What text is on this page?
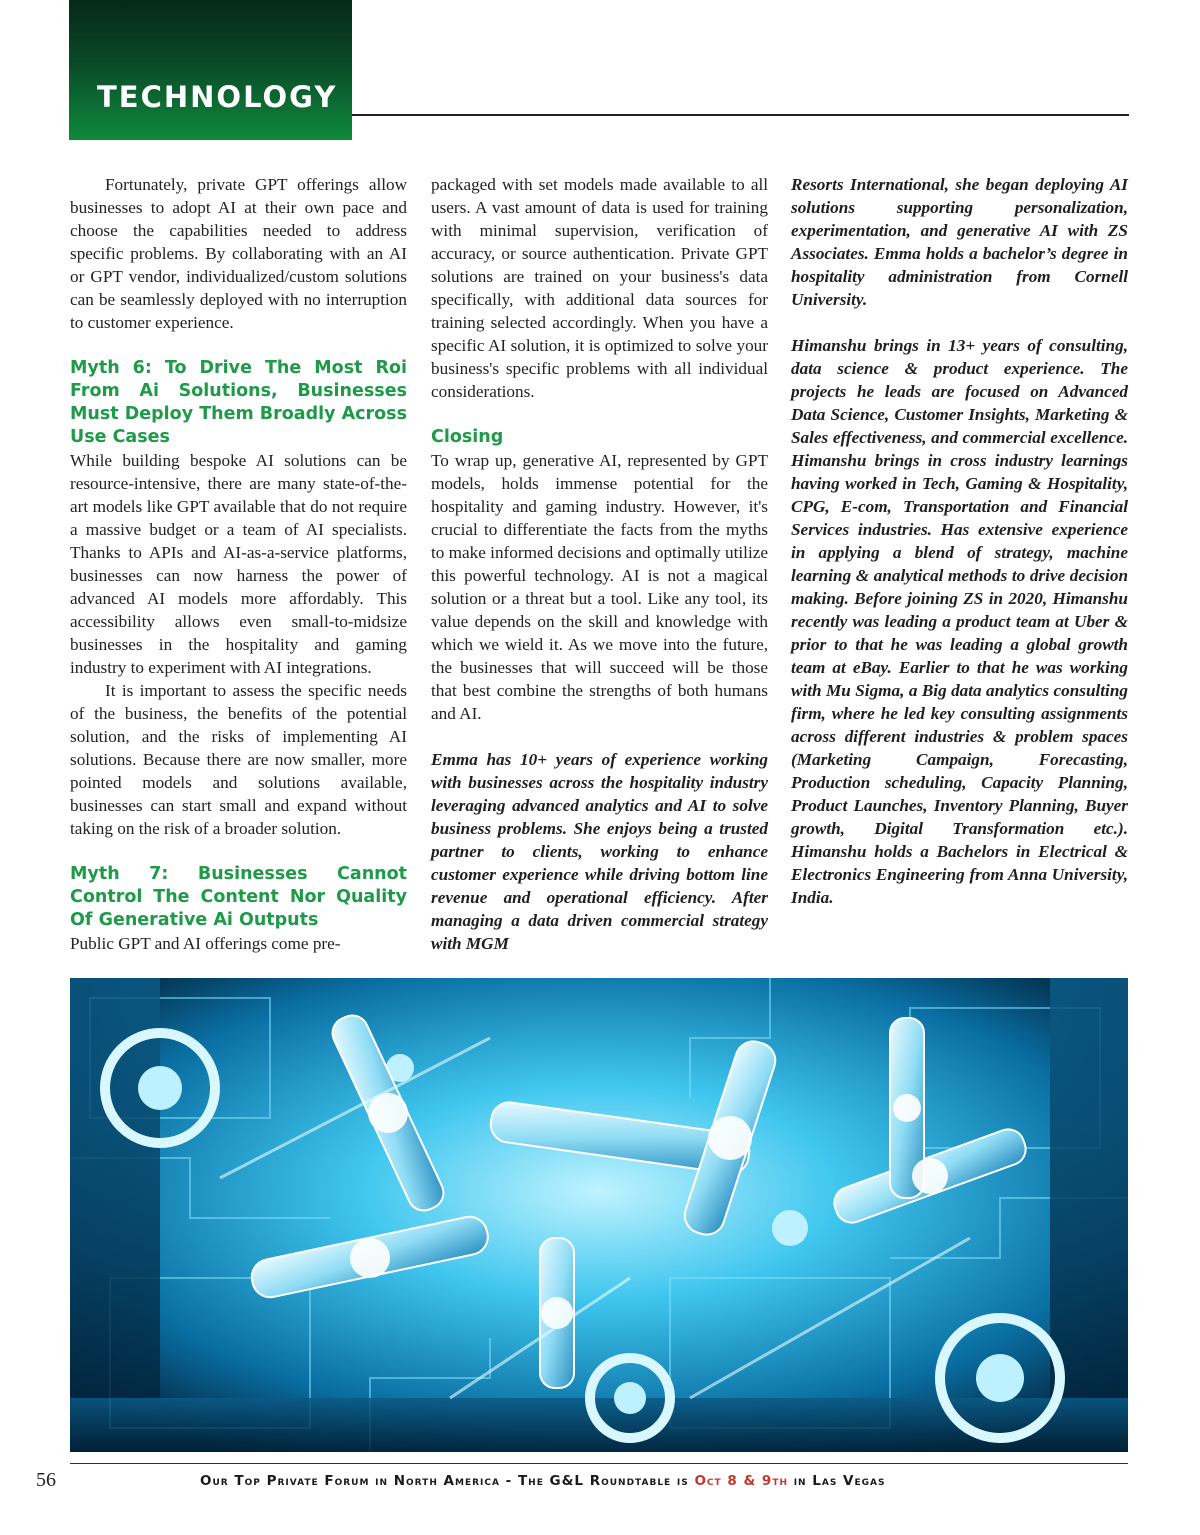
TECHNOLOGY

Fortunately, private GPT offerings allow businesses to adopt AI at their own pace and choose the capabilities needed to address specific problems. By collaborating with an AI or GPT vendor, individualized/custom solutions can be seamlessly deployed with no interruption to customer experience.

Myth 6: To Drive The Most Roi From Ai Solutions, Businesses Must Deploy Them Broadly Across Use Cases

While building bespoke AI solutions can be resource-intensive, there are many state-of-the-art models like GPT available that do not require a massive budget or a team of AI specialists. Thanks to APIs and AI-as-a-service platforms, businesses can now harness the power of advanced AI models more affordably. This accessibility allows even small-to-midsize businesses in the hospitality and gaming industry to experiment with AI integrations.

It is important to assess the specific needs of the business, the benefits of the potential solution, and the risks of implementing AI solutions. Because there are now smaller, more pointed models and solutions available, businesses can start small and expand without taking on the risk of a broader solution.

Myth 7: Businesses Cannot Control The Content Nor Quality Of Generative Ai Outputs

Public GPT and AI offerings come pre-

packaged with set models made available to all users. A vast amount of data is used for training with minimal supervision, verification of accuracy, or source authentication. Private GPT solutions are trained on your business's data specifically, with additional data sources for training selected accordingly. When you have a specific AI solution, it is optimized to solve your business's specific problems with all individual considerations.

Closing

To wrap up, generative AI, represented by GPT models, holds immense potential for the hospitality and gaming industry. However, it's crucial to differentiate the facts from the myths to make informed decisions and optimally utilize this powerful technology. AI is not a magical solution or a threat but a tool. Like any tool, its value depends on the skill and knowledge with which we wield it. As we move into the future, the businesses that will succeed will be those that best combine the strengths of both humans and AI.

Emma has 10+ years of experience working with businesses across the hospitality industry leveraging advanced analytics and AI to solve business problems. She enjoys being a trusted partner to clients, working to enhance customer experience while driving bottom line revenue and operational efficiency. After managing a data driven commercial strategy with MGM

Resorts International, she began deploying AI solutions supporting personalization, experimentation, and generative AI with ZS Associates. Emma holds a bachelor’s degree in hospitality administration from Cornell University.

Himanshu brings in 13+ years of consulting, data science & product experience. The projects he leads are focused on Advanced Data Science, Customer Insights, Marketing & Sales effectiveness, and commercial excellence. Himanshu brings in cross industry learnings having worked in Tech, Gaming & Hospitality, CPG, E-com, Transportation and Financial Services industries. Has extensive experience in applying a blend of strategy, machine learning & analytical methods to drive decision making. Before joining ZS in 2020, Himanshu recently was leading a product team at Uber & prior to that he was leading a global growth team at eBay. Earlier to that he was working with Mu Sigma, a Big data analytics consulting firm, where he led key consulting assignments across different industries & problem spaces (Marketing Campaign, Forecasting, Production scheduling, Capacity Planning, Product Launches, Inventory Planning, Buyer growth, Digital Transformation etc.). Himanshu holds a Bachelors in Electrical & Electronics Engineering from Anna University, India.

56	Our Top Private Forum in North America - The G&L Roundtable is Oct 8 & 9th in Las Vegas
